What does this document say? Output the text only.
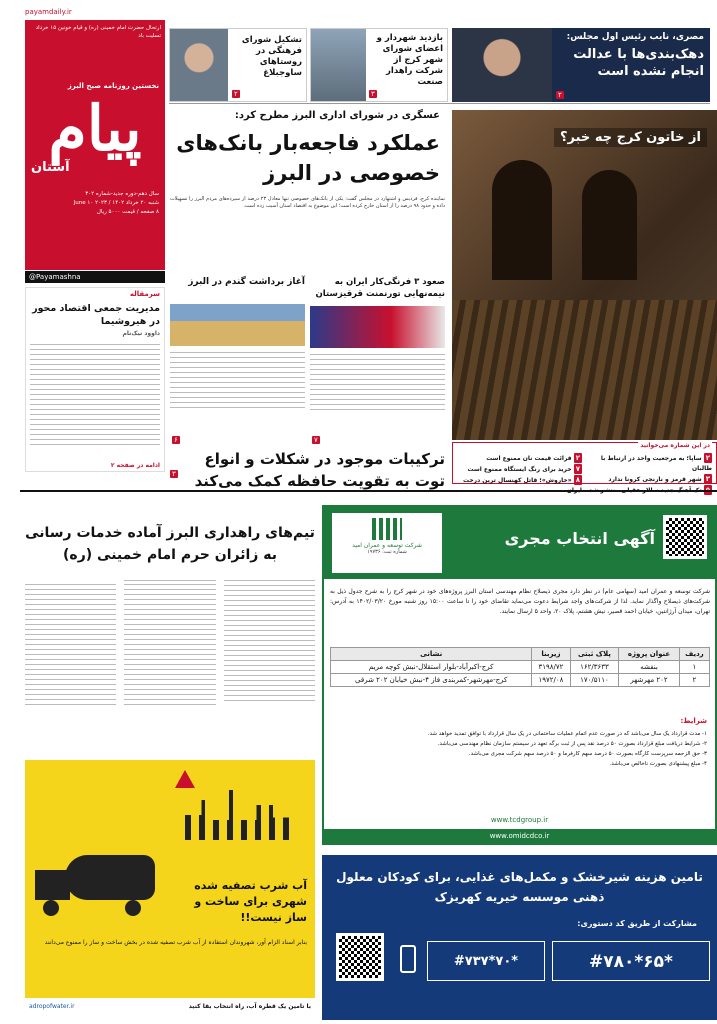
مصری، نایب رئیس اول مجلس:
دهک‌بندی‌ها با عدالت انجام نشده است
۲
بازدید شهردار و اعضای شورای شهر کرج از شرکت راهدار صنعت
۳
تشکیل شورای فرهنگی در روستاهای ساوجبلاغ
۲
payamdaily.ir
ارتحال حضرت امام خمینی (ره) و قیام خونین ۱۵ خرداد تسلیت باد
نخستین روزنامه صبح البرز
پیام
آستان
سال دهم-دوره جدید-شماره ۳۰۲
شنبه ۲۰ خرداد ۱۴۰۲ / ۲۰۲۳ June ۱۰
۸ صفحه / قیمت ۵۰۰۰ ریال
@Payamashna
عسگری در شورای اداری البرز مطرح کرد:
عملکرد فاجعه‌بار بانک‌های خصوصی در البرز
نماینده کرج، فردیس و اشتهارد در مجلس گفت: یکی از بانک‌های خصوصی تنها معادل ۲۳ درصد از سپرده‌های مردم البرز را تسهیلات داده و حدود ۹۸ درصد را از استان خارج کرده است؛ این موضوع به اقتصاد استان آسیب زده است.
از خاتون کرج چه خبر؟
سرمقاله
مدیریت جمعی اقتصاد محور در هیروشیما
داوود نیک‌نام
ادامه در صفحه ۲
آغاز برداشت گندم در البرز
۶
صعود ۳ فرنگی‌کار ایران به نیمه‌نهایی تورنمنت قرقیزستان
۷
ترکیبات موجود در شکلات و انواع توت به تقویت حافظه کمک می‌کند
۳
در این شماره می‌خوانید
۲ ساپا؛ به مرجعیت واحد در ارتباط با طالبان
۳ شهر قرمز و نارنجی کرونا ندارد
۲ قرائت قیمت نان ممنوع است
۷ خرید برای رنگ ایستگاه ممنوع است
۸ «خاروش»؛ قاتل کهنسال ترین درخت
تیم‌های راهداری البرز آماده خدمات رسانی به زائران حرم امام خمینی (ره)
آگهی انتخاب مجری
شرکت توسعه و عمران امید
شماره ثبت: ۱۹۷۳۶
شرکت توسعه و عمران امید (سهامی عام) در نظر دارد مجری ذیصلاح نظام مهندسی استان البرز پروژه‌های خود در شهر کرج را به شرح جدول ذیل به شرکت‌های ذیصلاح واگذار نماید. لذا از شرکت‌های واجد شرایط دعوت می‌نماید تقاضای خود را تا ساعت ۱۵:۰۰ روز شنبه مورخ ۱۴۰۲/۰۳/۲۰ به آدرس: تهران، میدان آرژانتین، خیابان احمد قصیر، نیش هشتم، پلاک ۲۰، واحد ۵ ارسال نمایند.
ردیف	عنوان پروژه	پلاک ثبتی	زیربنا	نشانی
۱	بنفشه	۱۶۲/۳۶۳۳	۳۱۹۸/۷۲	کرج-اکبرآباد-بلوار استقلال-نبش کوچه مریم
۲	۲۰۲ مهرشهر	۱۷۰/۵۱۱۰	۱۹۷۲/۰۸	کرج-مهرشهر-کمربندی فاز ۴-نبش خیابان ۲۰۲ شرقی
شرایط:
۱- مدت قرارداد یک سال می‌باشد که در صورت عدم اتمام عملیات ساختمانی در یک سال قرارداد با توافق تمدید خواهد شد.
۲- شرایط دریافت مبلغ قرارداد بصورت ۵۰ درصد نقد پس از ثبت برگه تعهد در سیستم سازمان نظام مهندسی می‌باشد.
۳- حق الزحمه سرپرست کارگاه بصورت ۵۰ درصد سهم کارفرما و ۵۰ درصد سهم شرکت مجری می‌باشد.
۴- مبلغ پیشنهادی بصورت ناخالص می‌باشد.
www.omidcdco.ir
www.tcdgroup.ir
آب شرب تصفیه شده شهری برای ساخت و ساز نیست!!
بنابر اسناد الزام آور، شهروندان استفاده از آب شرب تصفیه شده در بخش ساخت و ساز را ممنوع می‌دانند
adropofwater.ir	با تامین یک قطره آب، راه انتخاب بقا کنید
تامین هزینه شیرخشک و مکمل‌های غذایی، برای کودکان معلول ذهنی موسسه خیریه کهریزک
مشارکت از طریق کد دستوری:
#۷۸۰*۶۵*
#۷۳۷*۷۰*
